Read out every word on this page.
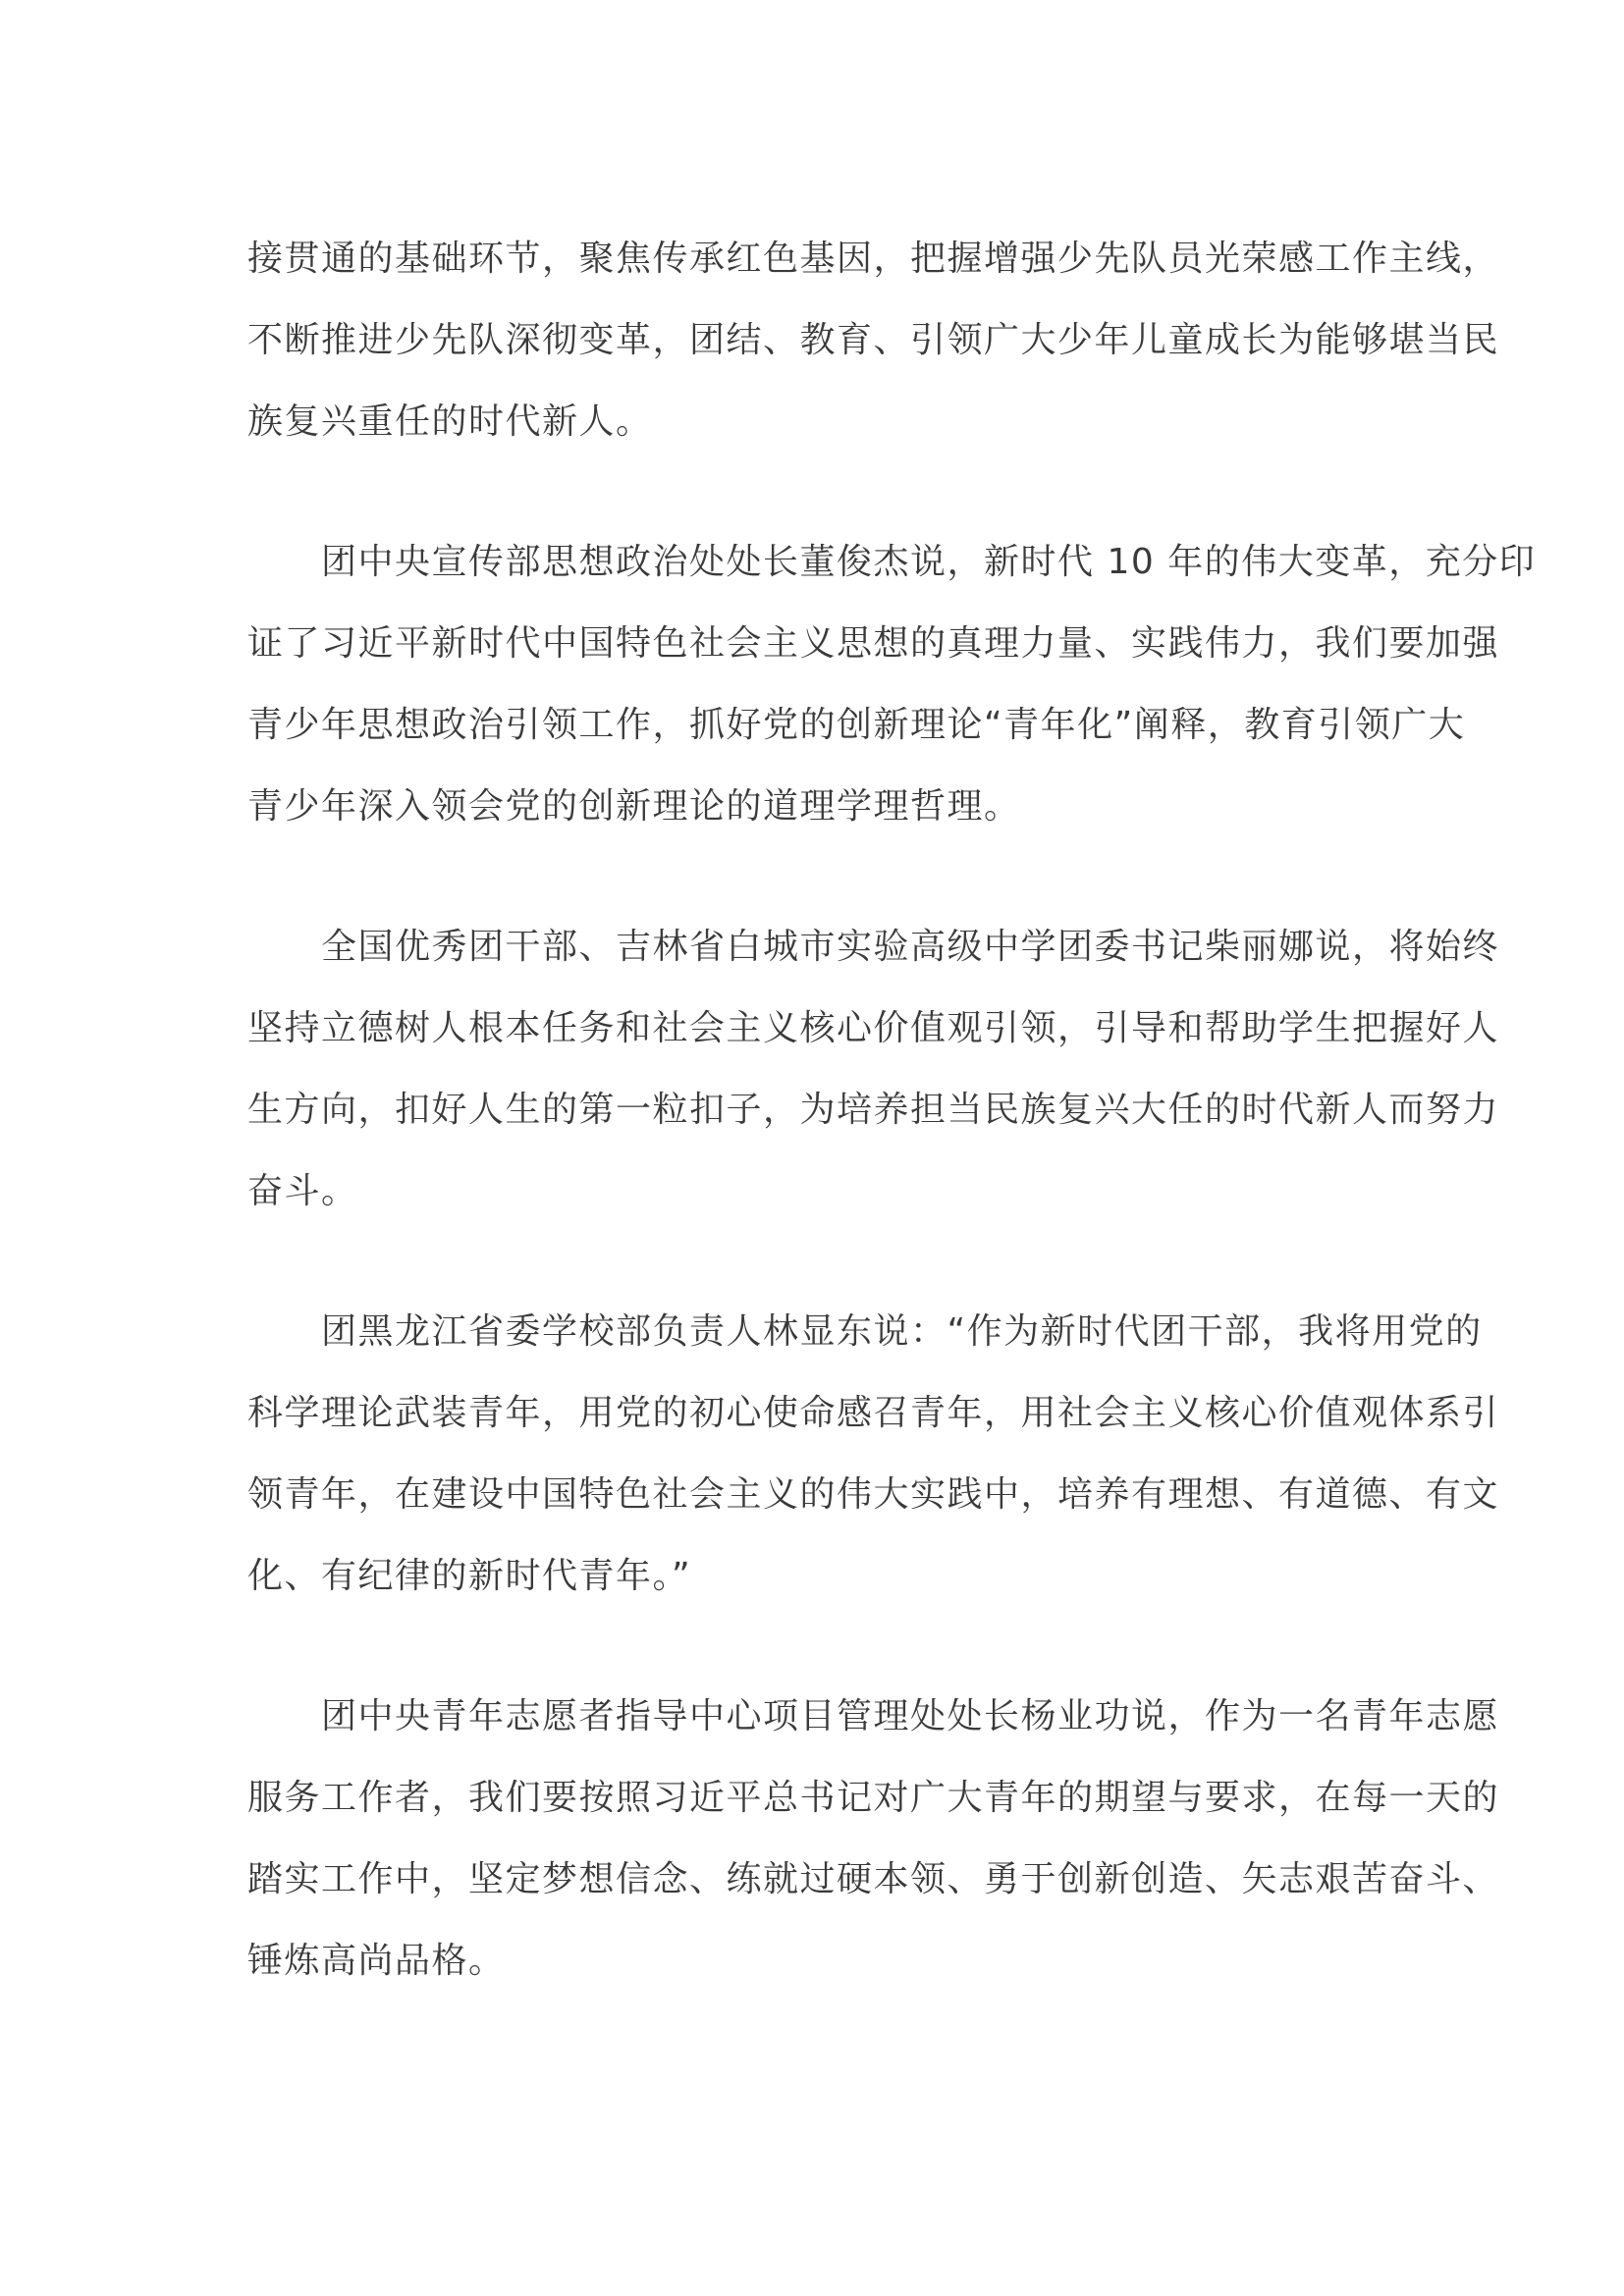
接贯通的基础环节，聚焦传承红色基因，把握增强少先队员光荣感工作主线，
不断推进少先队深彻变革，团结、教育、引领广大少年儿童成长为能够堪当民
族复兴重任的时代新人。
　　团中央宣传部思想政治处处长董俊杰说，新时代 10 年的伟大变革，充分印
证了习近平新时代中国特色社会主义思想的真理力量、实践伟力，我们要加强
青少年思想政治引领工作，抓好党的创新理论“青年化”阐释，教育引领广大
青少年深入领会党的创新理论的道理学理哲理。
　　全国优秀团干部、吉林省白城市实验高级中学团委书记柴丽娜说，将始终
坚持立德树人根本任务和社会主义核心价值观引领，引导和帮助学生把握好人
生方向，扣好人生的第一粒扣子，为培养担当民族复兴大任的时代新人而努力
奋斗。
　　团黑龙江省委学校部负责人林显东说：“作为新时代团干部，我将用党的
科学理论武装青年，用党的初心使命感召青年，用社会主义核心价值观体系引
领青年，在建设中国特色社会主义的伟大实践中，培养有理想、有道德、有文
化、有纪律的新时代青年。”
　　团中央青年志愿者指导中心项目管理处处长杨业功说，作为一名青年志愿
服务工作者，我们要按照习近平总书记对广大青年的期望与要求，在每一天的
踏实工作中，坚定梦想信念、练就过硬本领、勇于创新创造、矢志艰苦奋斗、
锤炼高尚品格。
